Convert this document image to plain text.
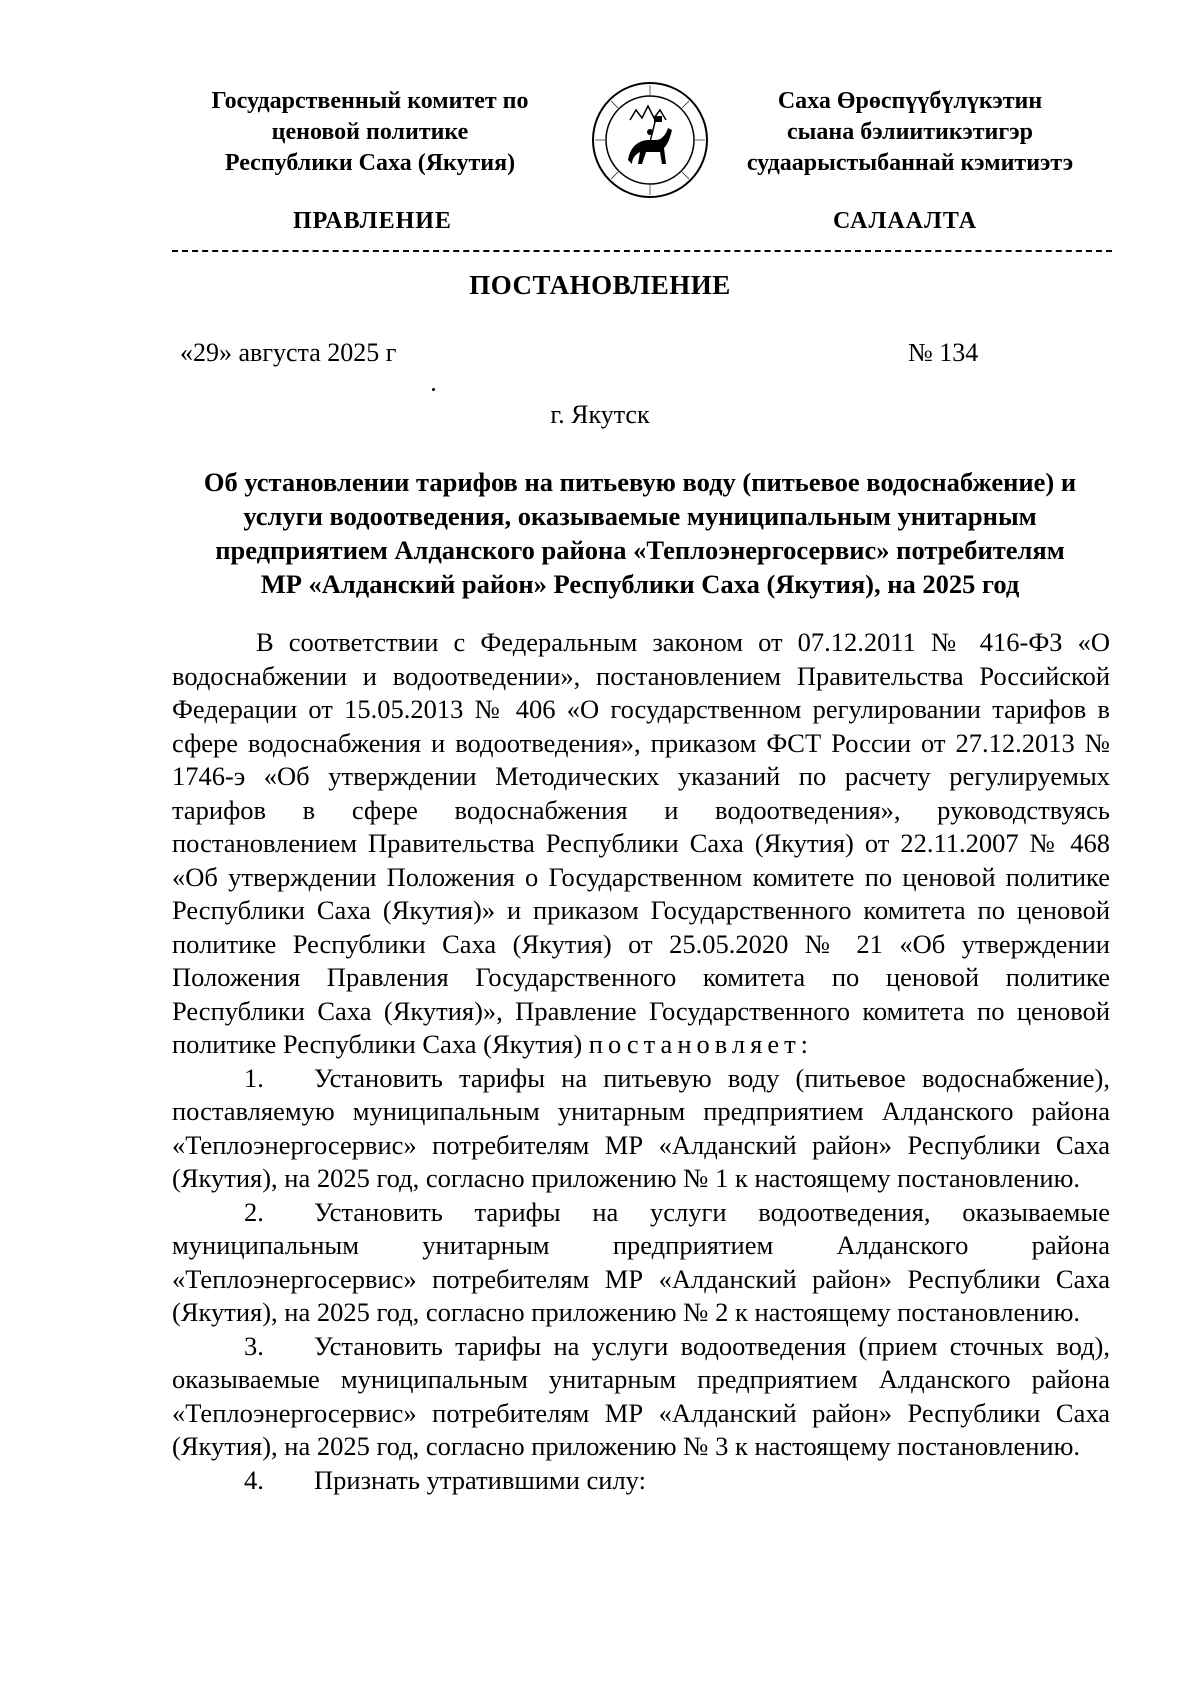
Государственный комитет по
ценовой политике
Республики Саха (Якутия)
Саха Өрөспүүбүлүкэтин
сыана бэлиитикэтигэр
судаарыстыбаннай кэмитиэтэ
ПРАВЛЕНИЕ	САЛААЛТА
ПОСТАНОВЛЕНИЕ
«29» августа 2025 г	№ 134
г. Якутск
Об установлении тарифов на питьевую воду (питьевое водоснабжение) и
услуги водоотведения, оказываемые муниципальным унитарным
предприятием Алданского района «Теплоэнергосервис» потребителям
МР «Алданский район» Республики Саха (Якутия), на 2025 год

В соответствии с Федеральным законом от 07.12.2011 № 416-ФЗ «О водоснабжении и водоотведении», постановлением Правительства Российской Федерации от 15.05.2013 № 406 «О государственном регулировании тарифов в сфере водоснабжения и водоотведения», приказом ФСТ России от 27.12.2013 № 1746-э «Об утверждении Методических указаний по расчету регулируемых тарифов в сфере водоснабжения и водоотведения», руководствуясь постановлением Правительства Республики Саха (Якутия) от 22.11.2007 № 468 «Об утверждении Положения о Государственном комитете по ценовой политике Республики Саха (Якутия)» и приказом Государственного комитета по ценовой политике Республики Саха (Якутия) от 25.05.2020 № 21 «Об утверждении Положения Правления Государственного комитета по ценовой политике Республики Саха (Якутия)», Правление Государственного комитета по ценовой политике Республики Саха (Якутия) постановляет:

1. Установить тарифы на питьевую воду (питьевое водоснабжение), поставляемую муниципальным унитарным предприятием Алданского района «Теплоэнергосервис» потребителям МР «Алданский район» Республики Саха (Якутия), на 2025 год, согласно приложению № 1 к настоящему постановлению.

2. Установить тарифы на услуги водоотведения, оказываемые муниципальным унитарным предприятием Алданского района «Теплоэнергосервис» потребителям МР «Алданский район» Республики Саха (Якутия), на 2025 год, согласно приложению № 2 к настоящему постановлению.

3. Установить тарифы на услуги водоотведения (прием сточных вод), оказываемые муниципальным унитарным предприятием Алданского района «Теплоэнергосервис» потребителям МР «Алданский район» Республики Саха (Якутия), на 2025 год, согласно приложению № 3 к настоящему постановлению.

4. Признать утратившими силу:
